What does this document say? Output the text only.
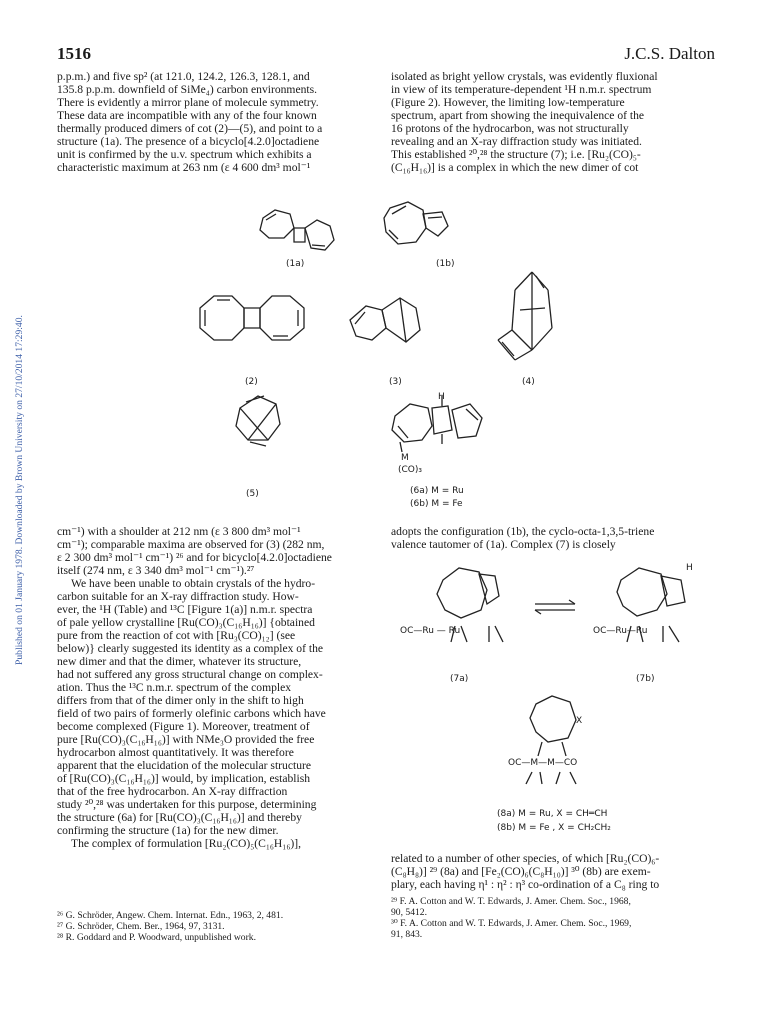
1516	J.C.S. Dalton
Published on 01 January 1978. Downloaded by Brown University on 27/10/2014 17:29:40.

p.p.m.) and five sp² (at 121.0, 124.2, 126.3, 128.1, and

135.8 p.p.m. downfield of SiMe₄) carbon environments.

There is evidently a mirror plane of molecule symmetry.

These data are incompatible with any of the four known

thermally produced dimers of cot (2)—(5), and point to a

structure (1a). The presence of a bicyclo[4.2.0]octadiene

unit is confirmed by the u.v. spectrum which exhibits a

characteristic maximum at 263 nm (ε 4 600 dm³ mol⁻¹

isolated as bright yellow crystals, was evidently fluxional

in view of its temperature-dependent ¹H n.m.r. spectrum

(Figure 2). However, the limiting low-temperature

spectrum, apart from showing the inequivalence of the

16 protons of the hydrocarbon, was not structurally

revealing and an X-ray diffraction study was initiated.

This established ²⁰,²⁸ the structure (7); i.e. [Ru₂(CO)₅-

(C₁₆H₁₆)] is a complex in which the new dimer of cot

(1a)	(1b)
(2)	(3)	(4)
(5)
H
M
(CO)₃
(6a) M = Ru
(6b) M = Fe

cm⁻¹) with a shoulder at 212 nm (ε 3 800 dm³ mol⁻¹

cm⁻¹); comparable maxima are observed for (3) (282 nm,

ε 2 300 dm³ mol⁻¹ cm⁻¹) ²⁶ and for bicyclo[4.2.0]octadiene

itself (274 nm, ε 3 340 dm³ mol⁻¹ cm⁻¹).²⁷

We have been unable to obtain crystals of the hydro-

carbon suitable for an X-ray diffraction study. How-

ever, the ¹H (Table) and ¹³C [Figure 1(a)] n.m.r. spectra

of pale yellow crystalline [Ru(CO)₃(C₁₆H₁₆)] {obtained

pure from the reaction of cot with [Ru₃(CO)₁₂] (see

below)} clearly suggested its identity as a complex of the

new dimer and that the dimer, whatever its structure,

had not suffered any gross structural change on complex-

ation. Thus the ¹³C n.m.r. spectrum of the complex

differs from that of the dimer only in the shift to high

field of two pairs of formerly olefinic carbons which have

become complexed (Figure 1). Moreover, treatment of

pure [Ru(CO)₃(C₁₆H₁₆)] with NMe₃O provided the free

hydrocarbon almost quantitatively. It was therefore

apparent that the elucidation of the molecular structure

of [Ru(CO)₃(C₁₆H₁₆)] would, by implication, establish

that of the free hydrocarbon. An X-ray diffraction

study ²⁰,²⁸ was undertaken for this purpose, determining

the structure (6a) for [Ru(CO)₃(C₁₆H₁₆)] and thereby

confirming the structure (1a) for the new dimer.

The complex of formulation [Ru₂(CO)₅(C₁₆H₁₆)],

adopts the configuration (1b), the cyclo-octa-1,3,5-triene

valence tautomer of (1a). Complex (7) is closely

OC—Ru — Ru	OC—Ru—Ru
H
(7a)	(7b)
OC—M—M—CO
X
(8a) M = Ru, X = CH═CH
(8b) M = Fe , X = CH₂CH₂

related to a number of other species, of which [Ru₂(CO)₆-

(C₈H₈)] ²⁹ (8a) and [Fe₂(CO)₆(C₈H₁₀)] ³⁰ (8b) are exem-

plary, each having η¹ : η² : η³ co-ordination of a C₈ ring to

²⁶ G. Schröder, Angew. Chem. Internat. Edn., 1963, 2, 481.
²⁷ G. Schröder, Chem. Ber., 1964, 97, 3131.
²⁸ R. Goddard and P. Woodward, unpublished work.
²⁹ F. A. Cotton and W. T. Edwards, J. Amer. Chem. Soc., 1968,
90, 5412.
³⁰ F. A. Cotton and W. T. Edwards, J. Amer. Chem. Soc., 1969,
91, 843.
